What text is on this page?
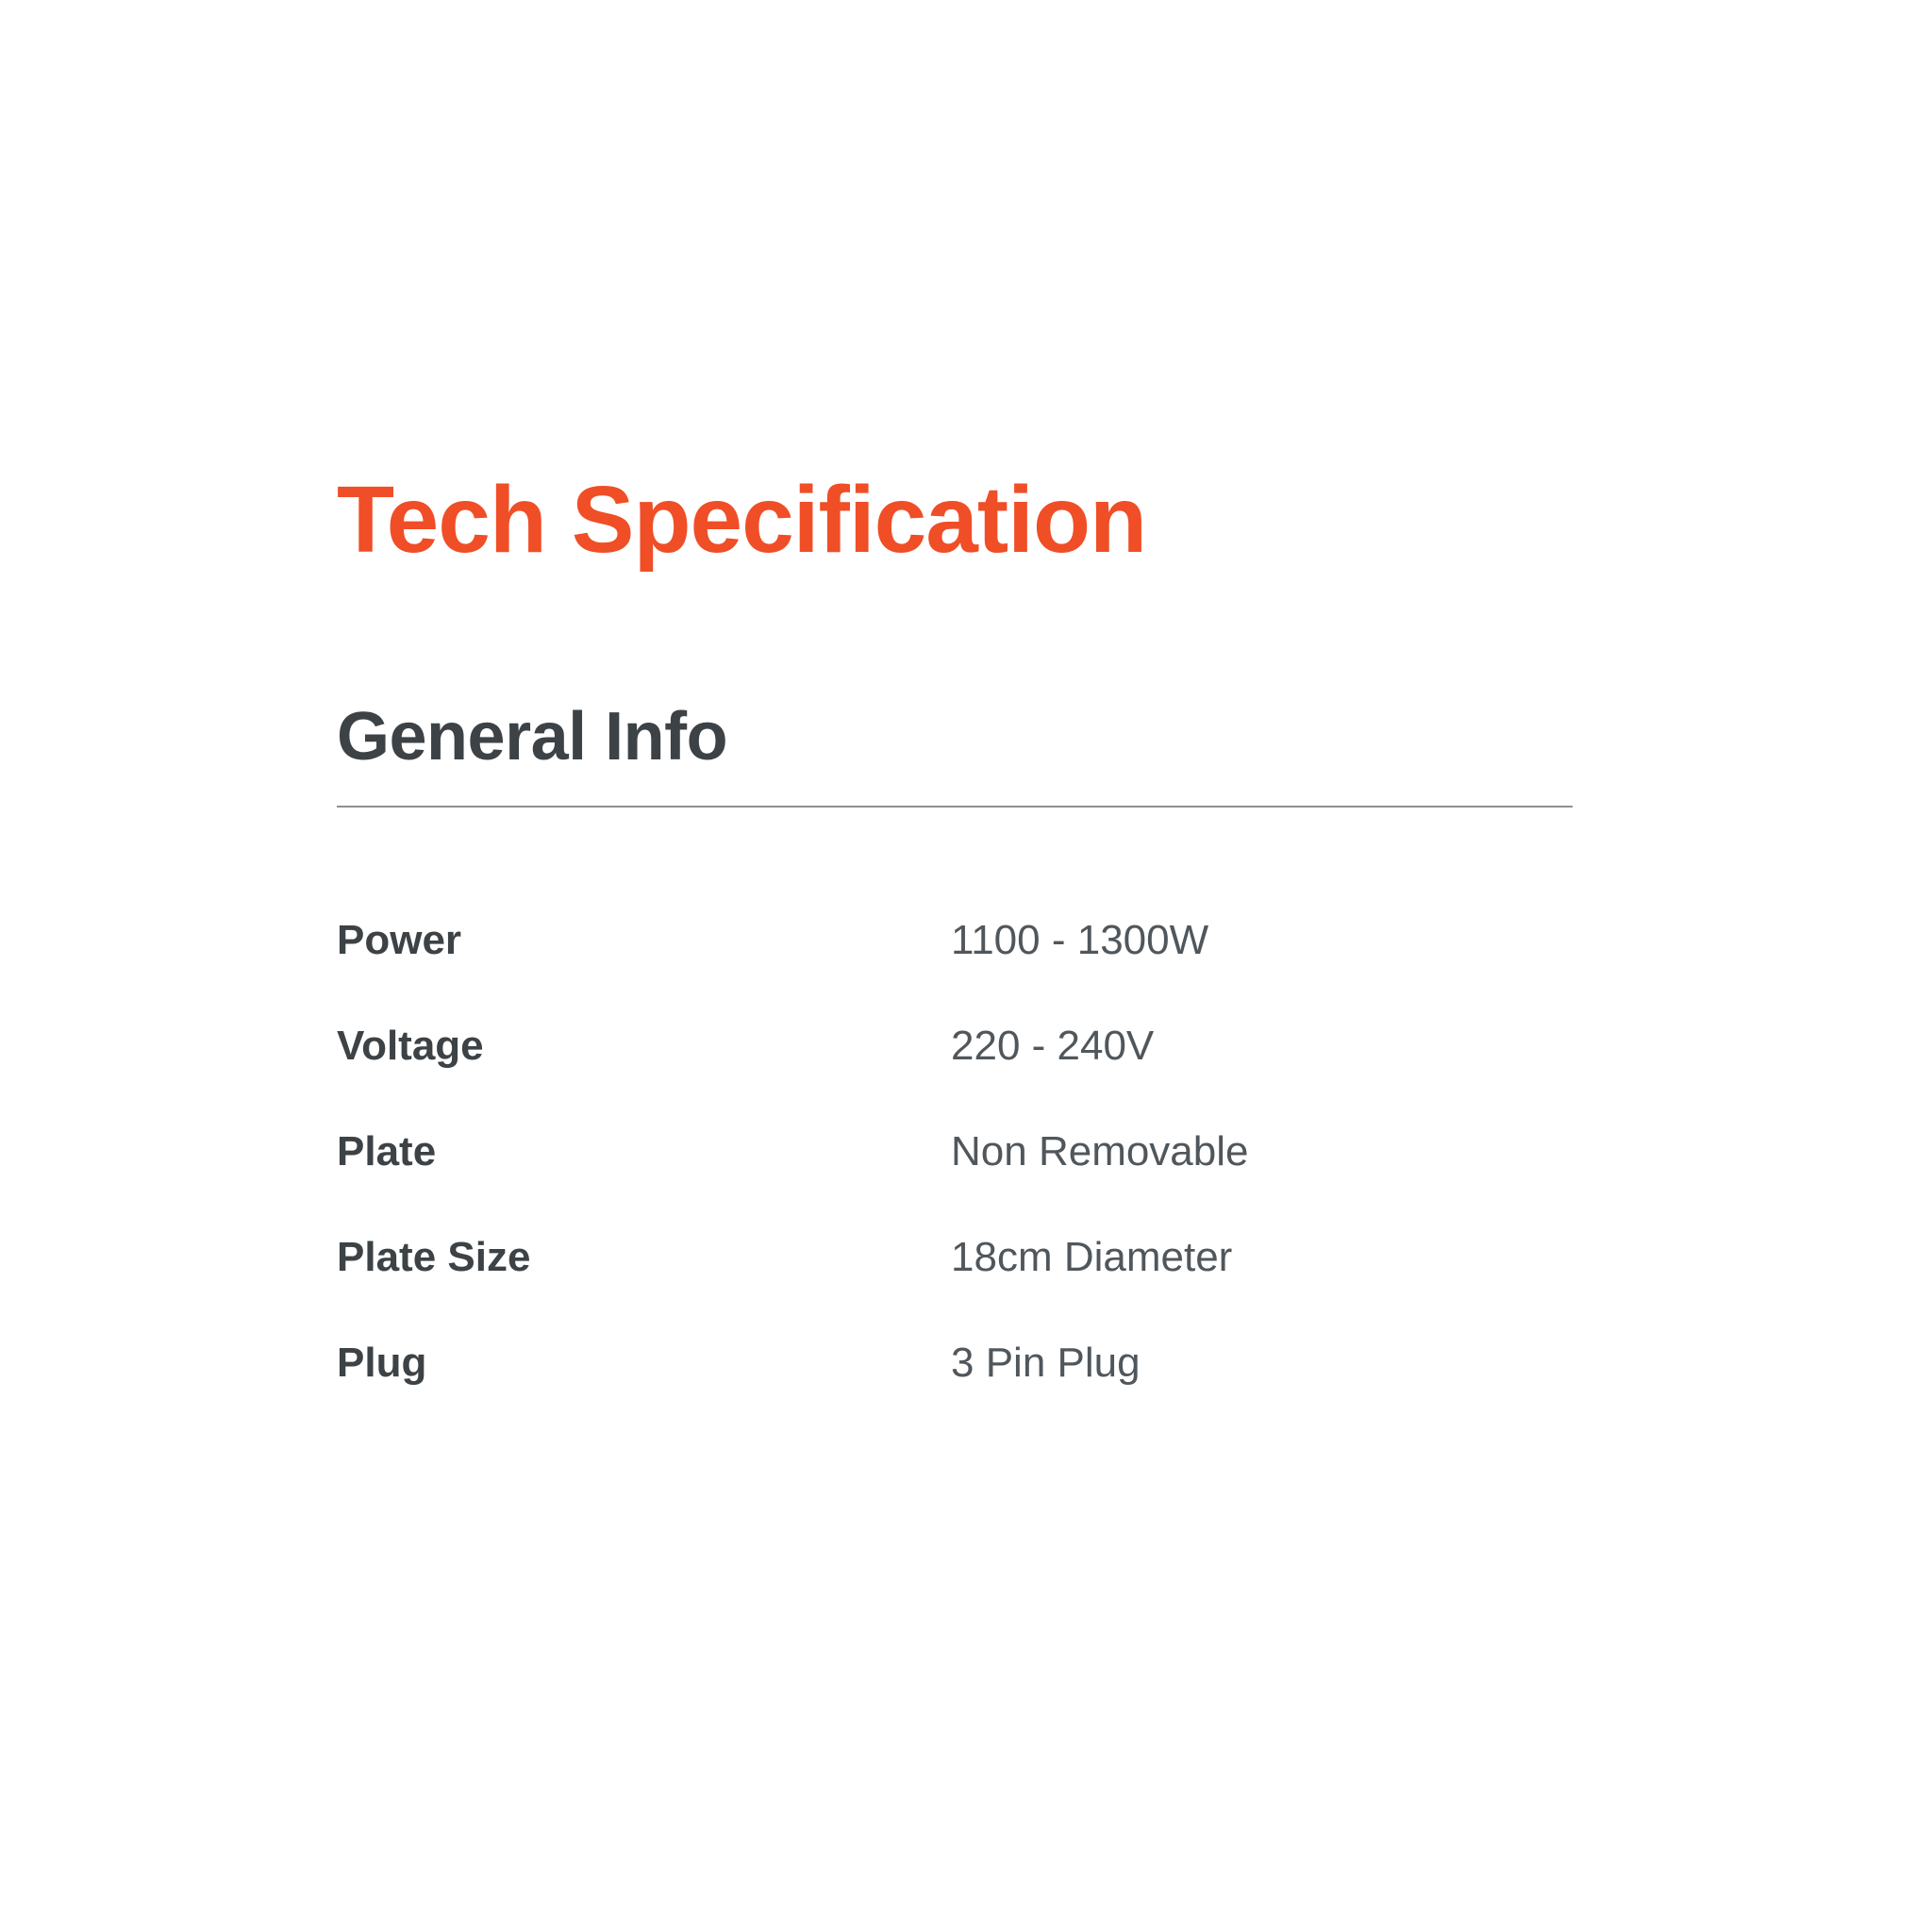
Tech Specification
General Info
Power	1100 - 1300W
Voltage	220 - 240V
Plate	Non Removable
Plate Size	18cm Diameter
Plug	3 Pin Plug
